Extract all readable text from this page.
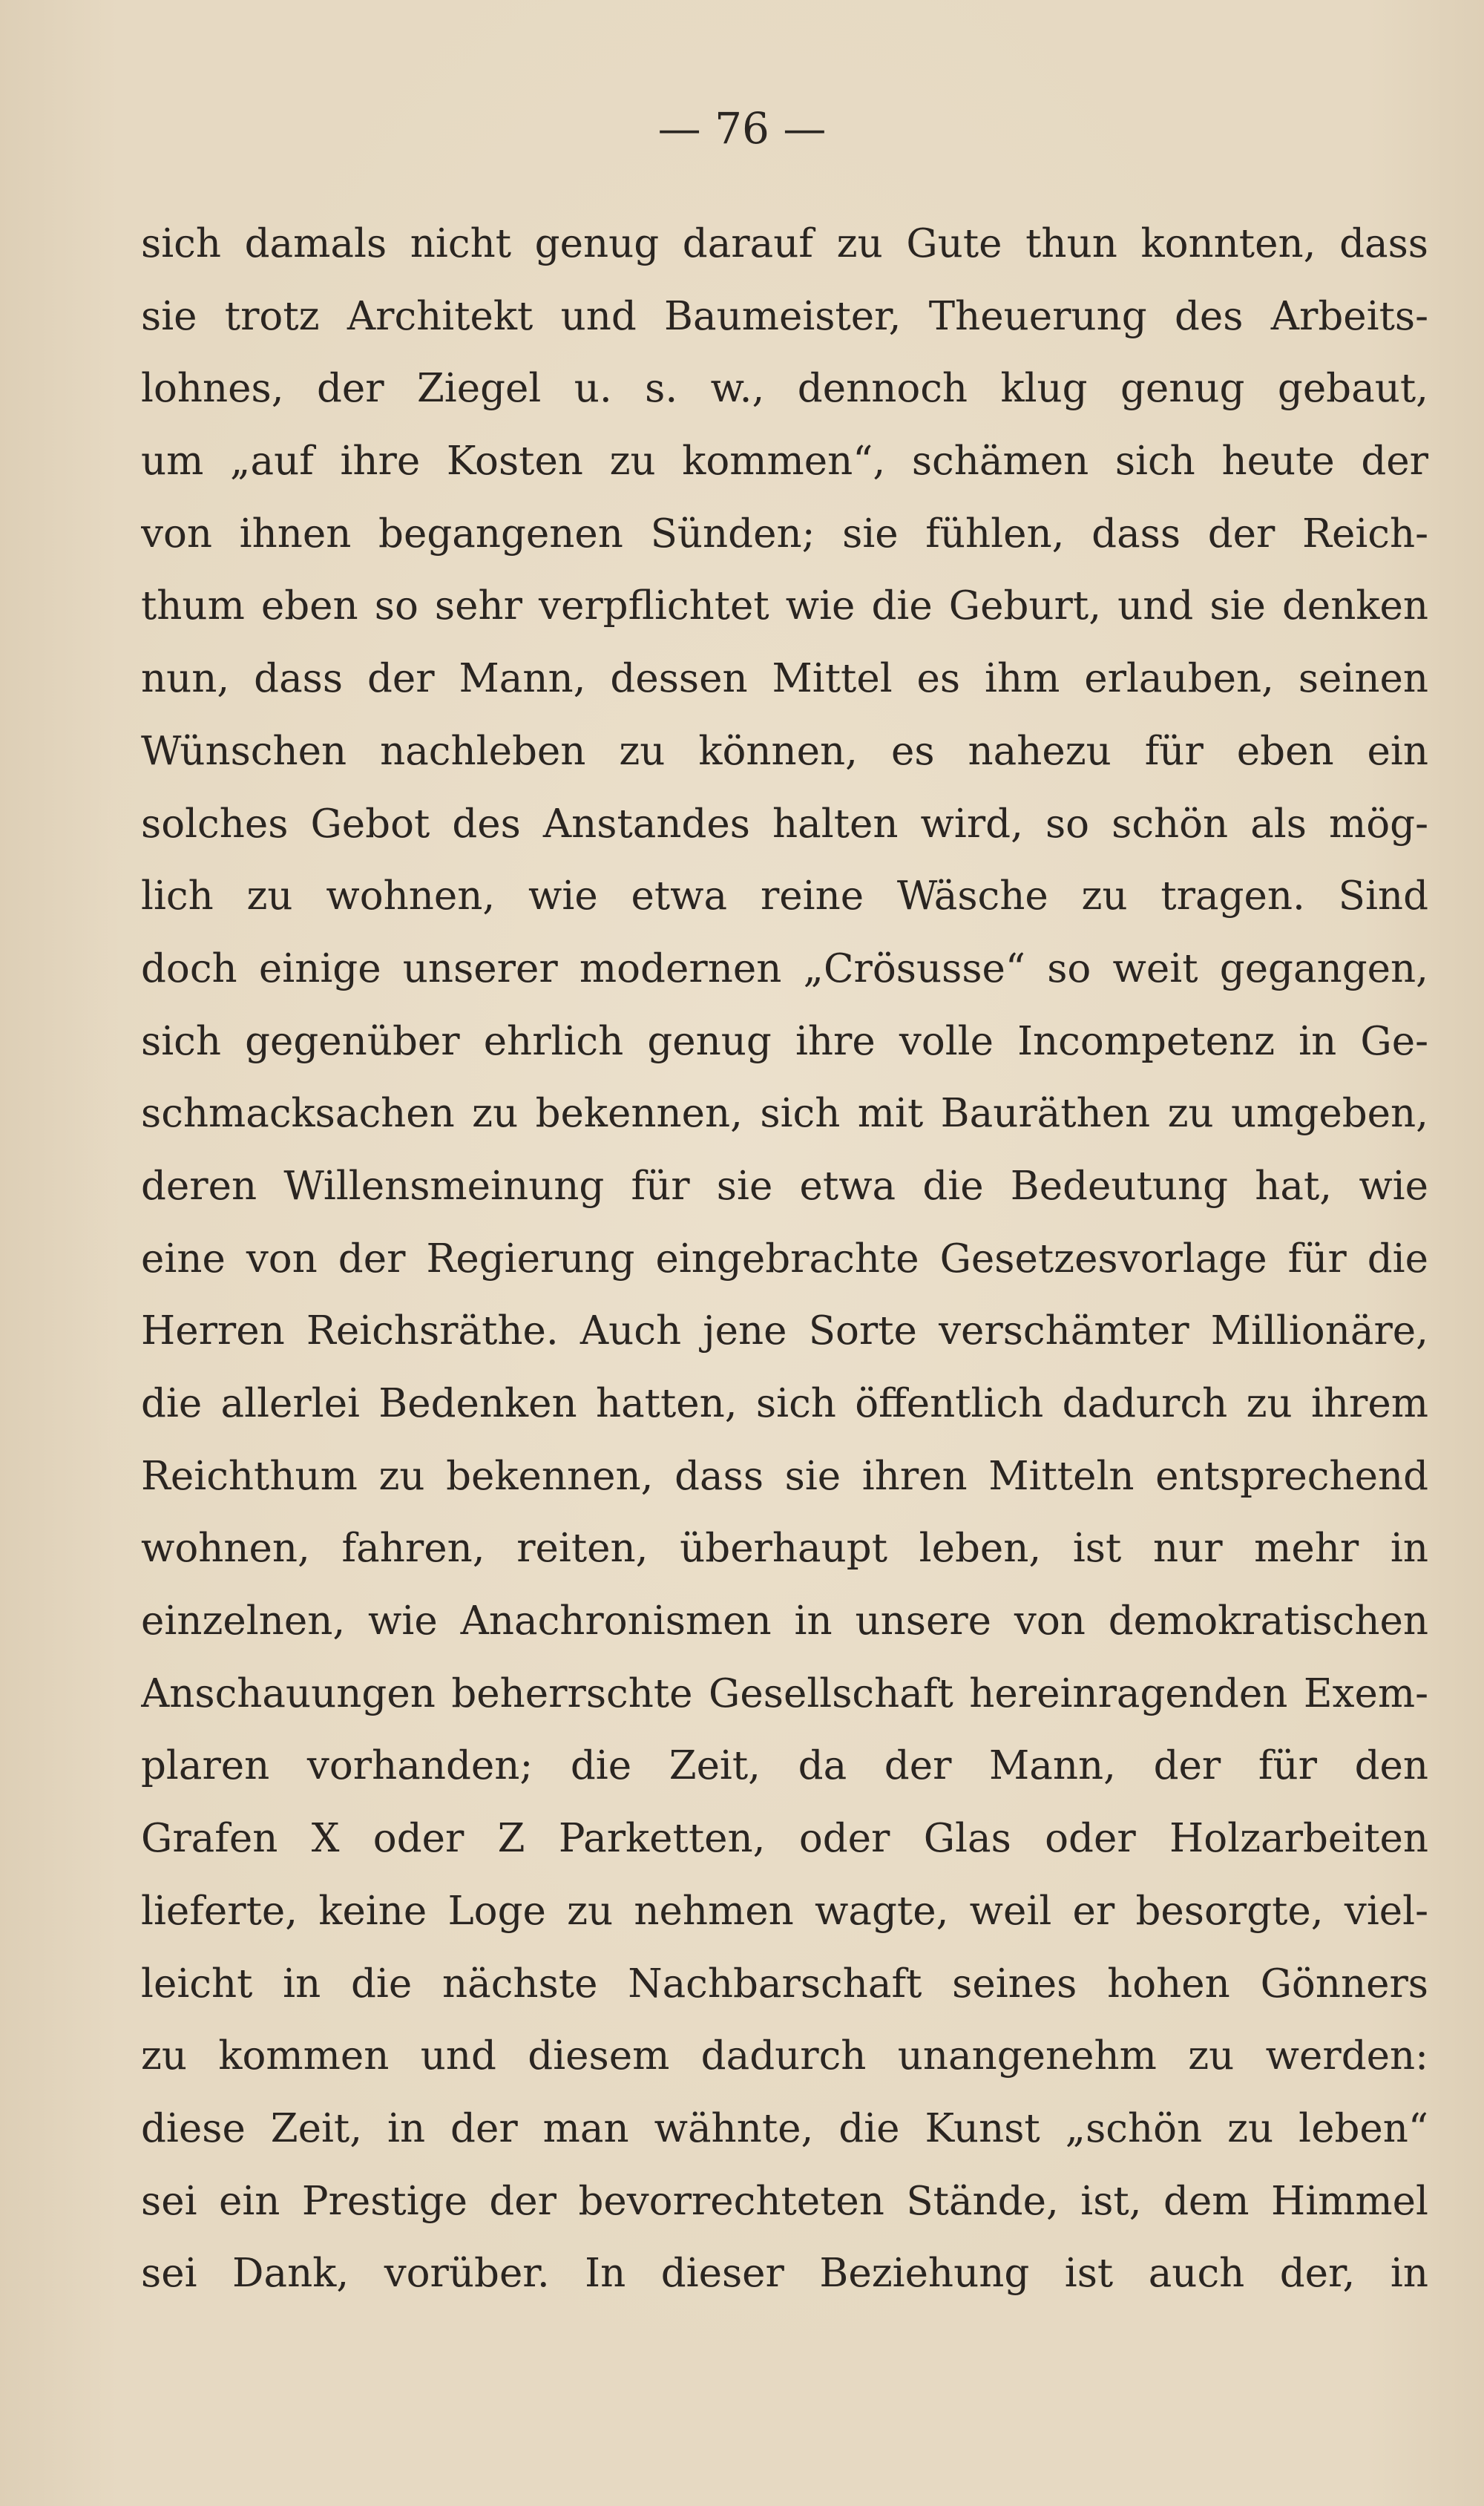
— 76 —

sich damals nicht genug darauf zu Gute thun konnten, dass
sie trotz Architekt und Baumeister, Theuerung des Arbeits-
lohnes, der Ziegel u. s. w., dennoch klug genug gebaut,
um „auf ihre Kosten zu kommen“, schämen sich heute der
von ihnen begangenen Sünden; sie fühlen, dass der Reich-
thum eben so sehr verpflichtet wie die Geburt, und sie denken
nun, dass der Mann, dessen Mittel es ihm erlauben, seinen
Wünschen nachleben zu können, es nahezu für eben ein
solches Gebot des Anstandes halten wird, so schön als mög-
lich zu wohnen, wie etwa reine Wäsche zu tragen. Sind
doch einige unserer modernen „Crösusse“ so weit gegangen,
sich gegenüber ehrlich genug ihre volle Incompetenz in Ge-
schmacksachen zu bekennen, sich mit Bauräthen zu umgeben,
deren Willensmeinung für sie etwa die Bedeutung hat, wie
eine von der Regierung eingebrachte Gesetzesvorlage für die
Herren Reichsräthe. Auch jene Sorte verschämter Millionäre,
die allerlei Bedenken hatten, sich öffentlich dadurch zu ihrem
Reichthum zu bekennen, dass sie ihren Mitteln entsprechend
wohnen, fahren, reiten, überhaupt leben, ist nur mehr in
einzelnen, wie Anachronismen in unsere von demokratischen
Anschauungen beherrschte Gesellschaft hereinragenden Exem-
plaren vorhanden; die Zeit, da der Mann, der für den
Grafen X oder Z Parketten, oder Glas oder Holzarbeiten
lieferte, keine Loge zu nehmen wagte, weil er besorgte, viel-
leicht in die nächste Nachbarschaft seines hohen Gönners
zu kommen und diesem dadurch unangenehm zu werden:
diese Zeit, in der man wähnte, die Kunst „schön zu leben“
sei ein Prestige der bevorrechteten Stände, ist, dem Himmel
sei Dank, vorüber. In dieser Beziehung ist auch der, in
